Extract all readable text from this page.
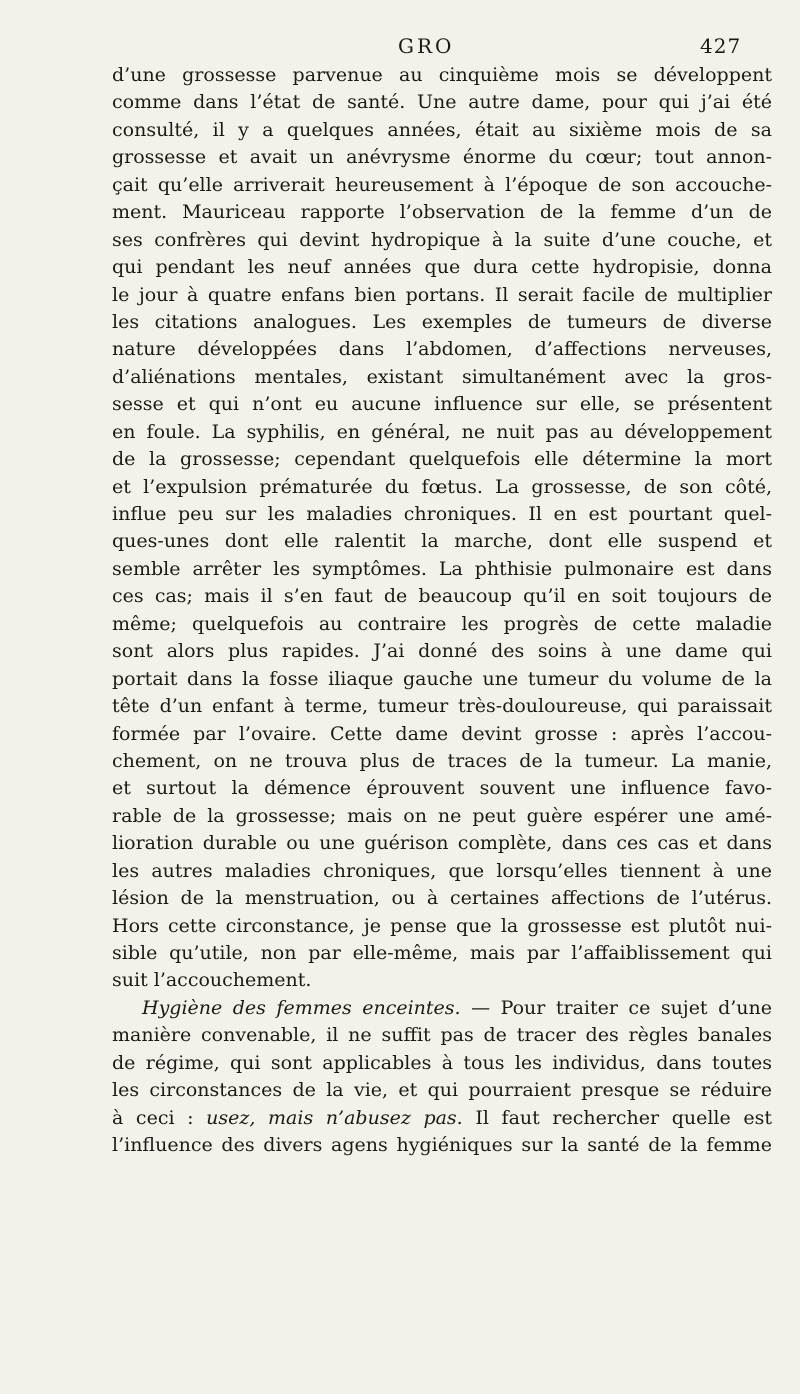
GRO	427
d’une grossesse parvenue au cinquième mois se développent
comme dans l’état de santé. Une autre dame, pour qui j’ai été
consulté, il y a quelques années, était au sixième mois de sa
grossesse et avait un anévrysme énorme du cœur; tout annon-
çait qu’elle arriverait heureusement à l’époque de son accouche-
ment. Mauriceau rapporte l’observation de la femme d’un de
ses confrères qui devint hydropique à la suite d’une couche, et
qui pendant les neuf années que dura cette hydropisie, donna
le jour à quatre enfans bien portans. Il serait facile de multiplier
les citations analogues. Les exemples de tumeurs de diverse
nature développées dans l’abdomen, d’affections nerveuses,
d’aliénations mentales, existant simultanément avec la gros-
sesse et qui n’ont eu aucune influence sur elle, se présentent
en foule. La syphilis, en général, ne nuit pas au développement
de la grossesse; cependant quelquefois elle détermine la mort
et l’expulsion prématurée du fœtus. La grossesse, de son côté,
influe peu sur les maladies chroniques. Il en est pourtant quel-
ques-unes dont elle ralentit la marche, dont elle suspend et
semble arrêter les symptômes. La phthisie pulmonaire est dans
ces cas; mais il s’en faut de beaucoup qu’il en soit toujours de
même; quelquefois au contraire les progrès de cette maladie
sont alors plus rapides. J’ai donné des soins à une dame qui
portait dans la fosse iliaque gauche une tumeur du volume de la
tête d’un enfant à terme, tumeur très-douloureuse, qui paraissait
formée par l’ovaire. Cette dame devint grosse : après l’accou-
chement, on ne trouva plus de traces de la tumeur. La manie,
et surtout la démence éprouvent souvent une influence favo-
rable de la grossesse; mais on ne peut guère espérer une amé-
lioration durable ou une guérison complète, dans ces cas et dans
les autres maladies chroniques, que lorsqu’elles tiennent à une
lésion de la menstruation, ou à certaines affections de l’utérus.
Hors cette circonstance, je pense que la grossesse est plutôt nui-
sible qu’utile, non par elle-même, mais par l’affaiblissement qui
suit l’accouchement.
Hygiène des femmes enceintes. — Pour traiter ce sujet d’une
manière convenable, il ne suffit pas de tracer des règles banales
de régime, qui sont applicables à tous les individus, dans toutes
les circonstances de la vie, et qui pourraient presque se réduire
à ceci : usez, mais n’abusez pas. Il faut rechercher quelle est
l’influence des divers agens hygiéniques sur la santé de la femme
